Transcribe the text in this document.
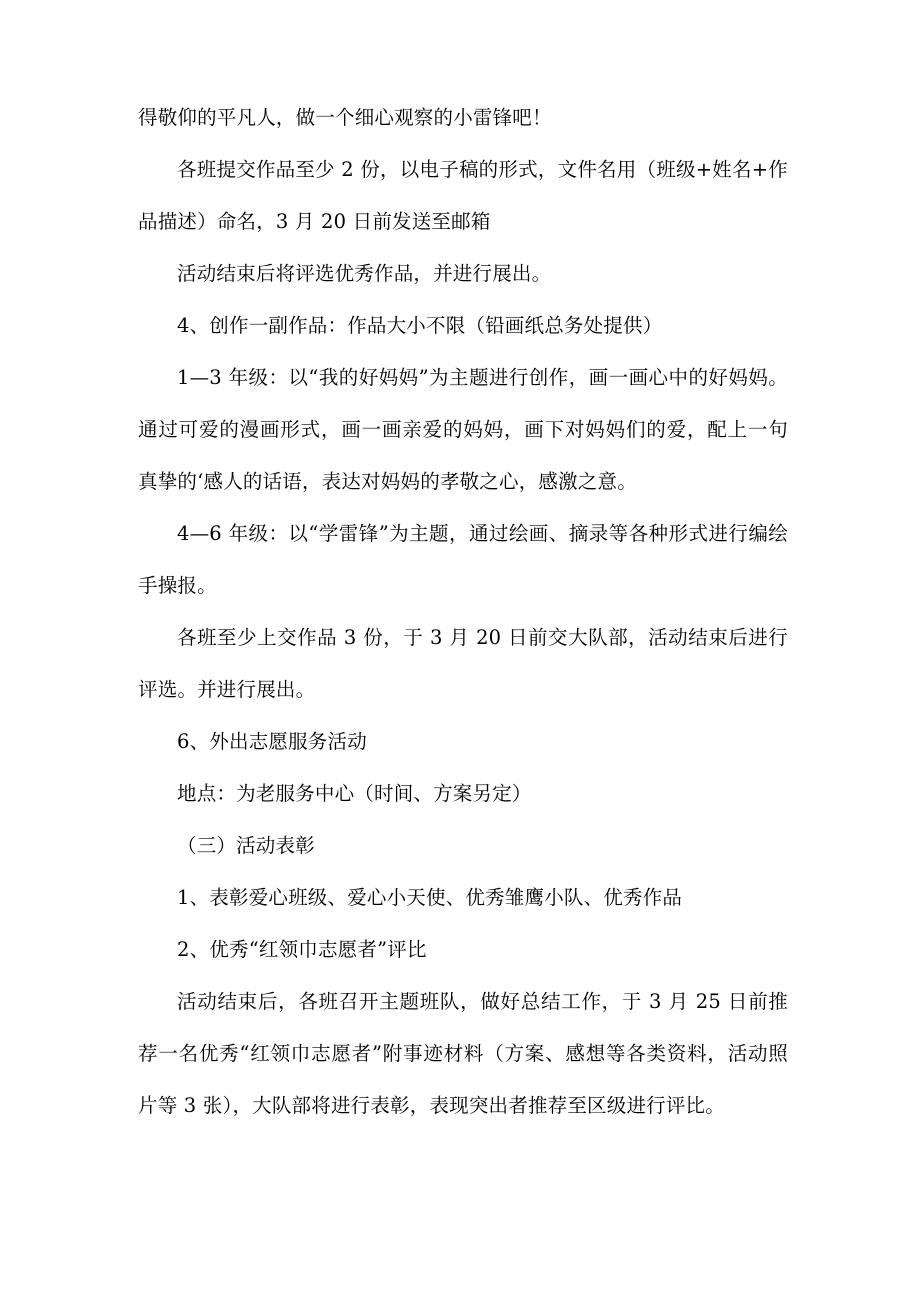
得敬仰的平凡人，做一个细心观察的小雷锋吧！

各班提交作品至少 2 份，以电子稿的形式，文件名用（班级+姓名+作品描述）命名，3 月 20 日前发送至邮箱

活动结束后将评选优秀作品，并进行展出。

4、创作一副作品：作品大小不限（铅画纸总务处提供）

1—3 年级：以“我的好妈妈”为主题进行创作，画一画心中的好妈妈。通过可爱的漫画形式，画一画亲爱的妈妈，画下对妈妈们的爱，配上一句真挚的‘感人的话语，表达对妈妈的孝敬之心，感激之意。

4—6 年级：以“学雷锋”为主题，通过绘画、摘录等各种形式进行编绘手操报。

各班至少上交作品 3 份，于 3 月 20 日前交大队部，活动结束后进行评选。并进行展出。

6、外出志愿服务活动

地点：为老服务中心（时间、方案另定）

（三）活动表彰

1、表彰爱心班级、爱心小天使、优秀雏鹰小队、优秀作品

2、优秀“红领巾志愿者”评比

活动结束后，各班召开主题班队，做好总结工作，于 3 月 25 日前推荐一名优秀“红领巾志愿者”附事迹材料（方案、感想等各类资料，活动照片等 3 张），大队部将进行表彰，表现突出者推荐至区级进行评比。
